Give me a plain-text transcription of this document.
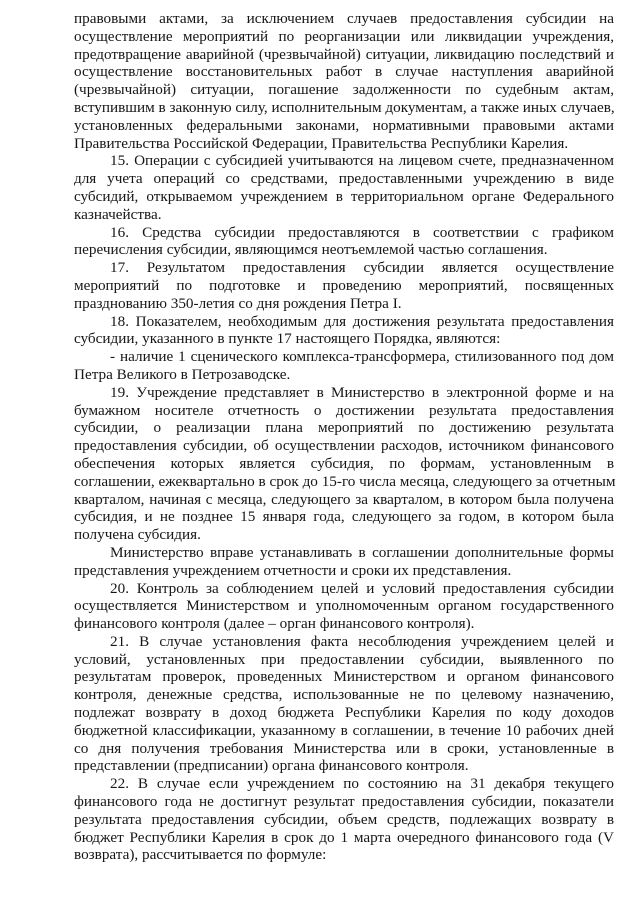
правовыми актами, за исключением случаев предоставления субсидии на
осуществление мероприятий по реорганизации или ликвидации учреждения,
предотвращение аварийной (чрезвычайной) ситуации, ликвидацию последствий и
осуществление восстановительных работ в случае наступления аварийной
(чрезвычайной) ситуации, погашение задолженности по судебным актам,
вступившим в законную силу, исполнительным документам, а также иных случаев,
установленных федеральными законами, нормативными правовыми актами
Правительства Российской Федерации, Правительства Республики Карелия.
15. Операции с субсидией учитываются на лицевом счете, предназначенном
для учета операций со средствами, предоставленными учреждению в виде
субсидий, открываемом учреждением в территориальном органе Федерального
казначейства.
16. Средства субсидии предоставляются в соответствии с графиком
перечисления субсидии, являющимся неотъемлемой частью соглашения.
17. Результатом предоставления субсидии является осуществление
мероприятий по подготовке и проведению мероприятий, посвященных
празднованию 350-летия со дня рождения Петра I.
18. Показателем, необходимым для достижения результата предоставления
субсидии, указанного в пункте 17 настоящего Порядка, являются:
- наличие 1 сценического комплекса-трансформера, стилизованного под дом
Петра Великого в Петрозаводске.
19. Учреждение представляет в Министерство в электронной форме и на
бумажном носителе отчетность о достижении результата предоставления
субсидии, о реализации плана мероприятий по достижению результата
предоставления субсидии, об осуществлении расходов, источником финансового
обеспечения которых является субсидия, по формам, установленным в
соглашении, ежеквартально в срок до 15-го числа месяца, следующего за отчетным
кварталом, начиная с месяца, следующего за кварталом, в котором была получена
субсидия, и не позднее 15 января года, следующего за годом, в котором была
получена субсидия.
Министерство вправе устанавливать в соглашении дополнительные формы
представления учреждением отчетности и сроки их представления.
20. Контроль за соблюдением целей и условий предоставления субсидии
осуществляется Министерством и уполномоченным органом государственного
финансового контроля (далее – орган финансового контроля).
21. В случае установления факта несоблюдения учреждением целей и
условий, установленных при предоставлении субсидии, выявленного по
результатам проверок, проведенных Министерством и органом финансового
контроля, денежные средства, использованные не по целевому назначению,
подлежат возврату в доход бюджета Республики Карелия по коду доходов
бюджетной классификации, указанному в соглашении, в течение 10 рабочих дней
со дня получения требования Министерства или в сроки, установленные в
представлении (предписании) органа финансового контроля.
22. В случае если учреждением по состоянию на 31 декабря текущего
финансового года не достигнут результат предоставления субсидии, показатели
результата предоставления субсидии, объем средств, подлежащих возврату в
бюджет Республики Карелия в срок до 1 марта очередного финансового года (V
возврата), рассчитывается по формуле:
